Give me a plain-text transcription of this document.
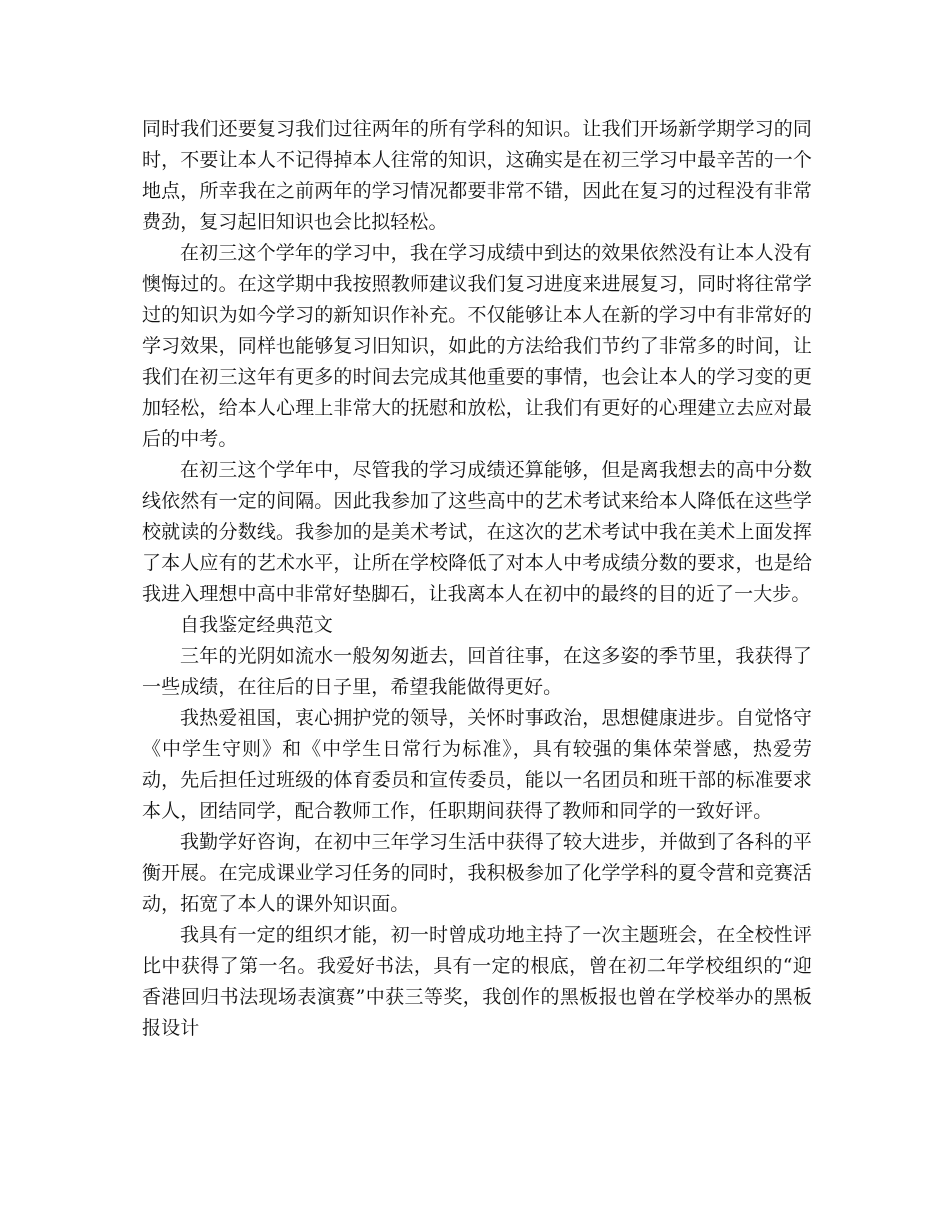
同时我们还要复习我们过往两年的所有学科的知识。让我们开场新学期学习的同时，不要让本人不记得掉本人往常的知识，这确实是在初三学习中最辛苦的一个地点，所幸我在之前两年的学习情况都要非常不错，因此在复习的过程没有非常费劲，复习起旧知识也会比拟轻松。

在初三这个学年的学习中，我在学习成绩中到达的效果依然没有让本人没有懊悔过的。在这学期中我按照教师建议我们复习进度来进展复习，同时将往常学过的知识为如今学习的新知识作补充。不仅能够让本人在新的学习中有非常好的学习效果，同样也能够复习旧知识，如此的方法给我们节约了非常多的时间，让我们在初三这年有更多的时间去完成其他重要的事情，也会让本人的学习变的更加轻松，给本人心理上非常大的抚慰和放松，让我们有更好的心理建立去应对最后的中考。

在初三这个学年中，尽管我的学习成绩还算能够，但是离我想去的高中分数线依然有一定的间隔。因此我参加了这些高中的艺术考试来给本人降低在这些学校就读的分数线。我参加的是美术考试，在这次的艺术考试中我在美术上面发挥了本人应有的艺术水平，让所在学校降低了对本人中考成绩分数的要求，也是给我进入理想中高中非常好垫脚石，让我离本人在初中的最终的目的近了一大步。

自我鉴定经典范文

三年的光阴如流水一般匆匆逝去，回首往事，在这多姿的季节里，我获得了一些成绩，在往后的日子里，希望我能做得更好。

我热爱祖国，衷心拥护党的领导，关怀时事政治，思想健康进步。自觉恪守《中学生守则》和《中学生日常行为标准》，具有较强的集体荣誉感，热爱劳动，先后担任过班级的体育委员和宣传委员，能以一名团员和班干部的标准要求本人，团结同学，配合教师工作，任职期间获得了教师和同学的一致好评。

我勤学好咨询，在初中三年学习生活中获得了较大进步，并做到了各科的平衡开展。在完成课业学习任务的同时，我积极参加了化学学科的夏令营和竞赛活动，拓宽了本人的课外知识面。

我具有一定的组织才能，初一时曾成功地主持了一次主题班会，在全校性评比中获得了第一名。我爱好书法，具有一定的根底，曾在初二年学校组织的“迎香港回归书法现场表演赛”中获三等奖，我创作的黑板报也曾在学校举办的黑板报设计
